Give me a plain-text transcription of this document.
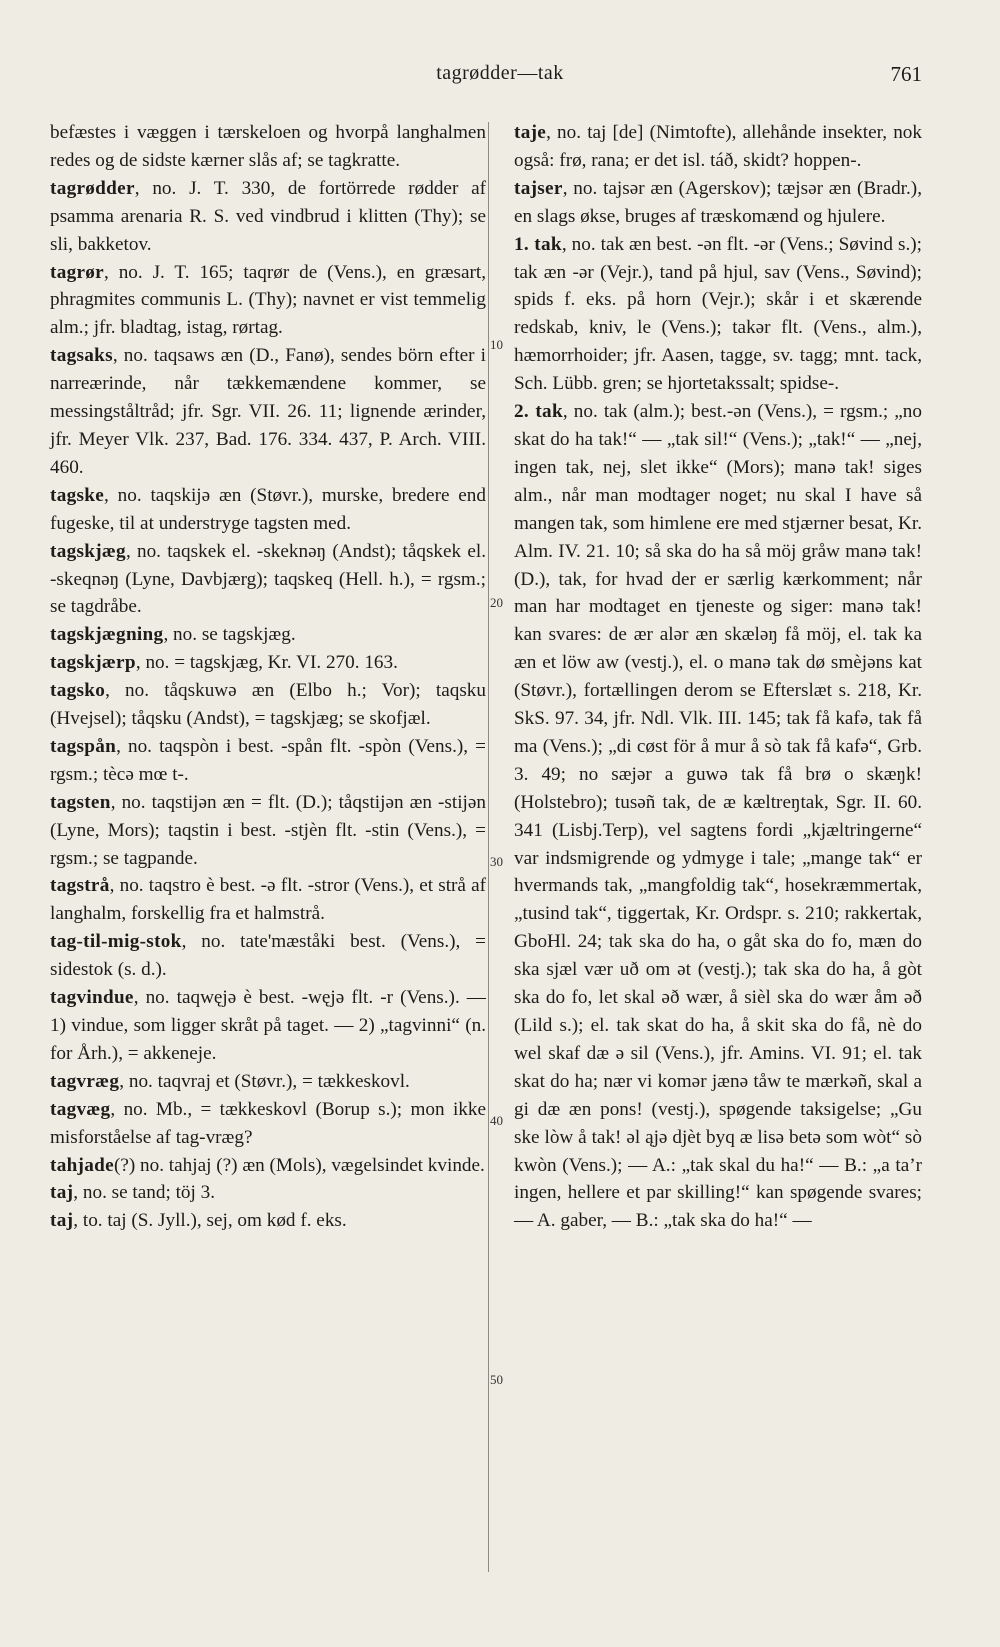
tagrødder—tak	761

befæstes i væggen i tærskeloen og hvorpå langhalmen redes og de sidste kærner slås af; se tagkratte.

tagrødder, no. J. T. 330, de fortörrede rødder af psamma arenaria R. S. ved vindbrud i klitten (Thy); se sli, bakketov.

tagrør, no. J. T. 165; taqrør de (Vens.), en græsart, phragmites communis L. (Thy); navnet er vist temmelig alm.; jfr. bladtag, istag, rørtag.

tagsaks, no. taqsaws æn (D., Fanø), sendes börn efter i narreærinde, når tækkemændene kommer, se messingståltråd; jfr. Sgr. VII. 26. 11; lignende ærinder, jfr. Meyer Vlk. 237, Bad. 176. 334. 437, P. Arch. VIII. 460.

tagske, no. taqskijə æn (Støvr.), murske, bredere end fugeske, til at understryge tagsten med.

tagskjæg, no. taqskek el. -skeknəŋ (Andst); tåqskek el. -skeqnəŋ (Lyne, Davbjærg); taqskeq (Hell. h.), = rgsm.; se tagdråbe.

tagskjægning, no. se tagskjæg.

tagskjærp, no. = tagskjæg, Kr. VI. 270. 163.

tagsko, no. tåqskuwə æn (Elbo h.; Vor); taqsku (Hvejsel); tåqsku (Andst), = tagskjæg; se skofjæl.

tagspån, no. taqspòn i best. -spån flt. -spòn (Vens.), = rgsm.; tècə mœ t-.

tagsten, no. taqstijən æn = flt. (D.); tåqstijən æn -stijən (Lyne, Mors); taqstin i best. -stjèn flt. -stin (Vens.), = rgsm.; se tagpande.

tagstrå, no. taqstro è best. -ə flt. -stror (Vens.), et strå af langhalm, forskellig fra et halmstrå.

tag-til-mig-stok, no. tate'mæståki best. (Vens.), = sidestok (s. d.).

tagvindue, no. taqwęjə è best. -węjə flt. -r (Vens.). — 1) vindue, som ligger skråt på taget. — 2) „tagvinni“ (n. for Årh.), = akkeneje.

tagvræg, no. taqvraj et (Støvr.), = tækkeskovl.

tagvæg, no. Mb., = tækkeskovl (Borup s.); mon ikke misforståelse af tag-vræg?

tahjade(?) no. tahjaj (?) æn (Mols), vægelsindet kvinde.

taj, no. se tand; töj 3.

taj, to. taj (S. Jyll.), sej, om kød f. eks.

taje, no. taj [de] (Nimtofte), allehånde insekter, nok også: frø, rana; er det isl. táð, skidt? hoppen-.

tajser, no. tajsər æn (Agerskov); tæjsər æn (Bradr.), en slags økse, bruges af træskomænd og hjulere.

1. tak, no. tak æn best. -ən flt. -ər (Vens.; Søvind s.); tak æn -ər (Vejr.), tand på hjul, sav (Vens., Søvind); spids f. eks. på horn (Vejr.); skår i et skærende redskab, kniv, le (Vens.); takər flt. (Vens., alm.), hæmorrhoider; jfr. Aasen, tagge, sv. tagg; mnt. tack, Sch. Lübb. gren; se hjortetakssalt; spidse-.

2. tak, no. tak (alm.); best.-ən (Vens.), = rgsm.; „no skat do ha tak!“ — „tak sil!“ (Vens.); „tak!“ — „nej, ingen tak, nej, slet ikke“ (Mors); manə tak! siges alm., når man modtager noget; nu skal I have så mangen tak, som himlene ere med stjærner besat, Kr. Alm. IV. 21. 10; så ska do ha så möj gråw manə tak! (D.), tak, for hvad der er særlig kærkomment; når man har modtaget en tjeneste og siger: manə tak! kan svares: de ær alər æn skæləŋ få möj, el. tak ka æn et löw aw (vestj.), el. o manə tak dø smèjəns kat (Støvr.), fortællingen derom se Efterslæt s. 218, Kr. SkS. 97. 34, jfr. Ndl. Vlk. III. 145; tak få kafə, tak få ma (Vens.); „di cøst för å mur å sò tak få kafə“, Grb. 3. 49; no sæjər a guwə tak få brø o skæŋk! (Holstebro); tusəñ tak, de æ kæltreŋtak, Sgr. II. 60. 341 (Lisbj.Terp), vel sagtens fordi „kjæltringerne“ var indsmigrende og ydmyge i tale; „mange tak“ er hvermands tak, „mangfoldig tak“, hosekræmmertak, „tusind tak“, tiggertak, Kr. Ordspr. s. 210; rakkertak, GboHl. 24; tak ska do ha, o gåt ska do fo, mæn do ska sjæl vær uð om ət (vestj.); tak ska do ha, å gòt ska do fo, let skal əð wær, å sièl ska do wær åm əð (Lild s.); el. tak skat do ha, å skit ska do få, nè do wel skaf dæ ə sil (Vens.), jfr. Amins. VI. 91; el. tak skat do ha; nær vi komər jænə tåw te mærkəñ, skal a gi dæ æn pons! (vestj.), spøgende taksigelse; „Gu ske lòw å tak! əl ąjə djèt byq æ lisə betə som wòt“ sò kwòn (Vens.); — A.: „tak skal du ha!“ — B.: „a ta’r ingen, hellere et par skilling!“ kan spøgende svares; — A. gaber, — B.: „tak ska do ha!“ —

10
20
30
40
50
